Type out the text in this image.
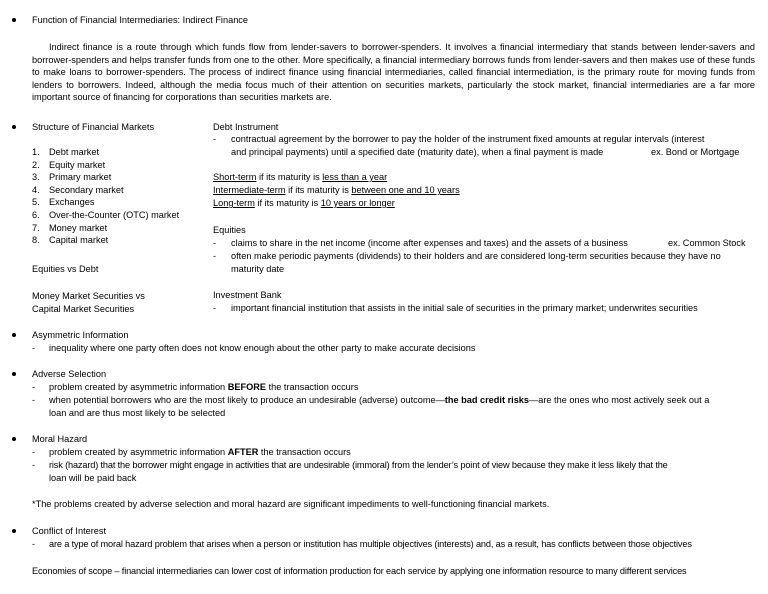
Function of Financial Intermediaries: Indirect Finance
Indirect finance is a route through which funds flow from lender-savers to borrower-spenders. It involves a financial intermediary that stands between lender-savers and borrower-spenders and helps transfer funds from one to the other. More specifically, a financial intermediary borrows funds from lender-savers and then makes use of these funds to make loans to borrower-spenders. The process of indirect finance using financial intermediaries, called financial intermediation, is the primary route for moving funds from lenders to borrowers. Indeed, although the media focus much of their attention on securities markets, particularly the stock market, financial intermediaries are a far more important source of financing for corporations than securities markets are.
Structure of Financial Markets
1. Debt market
2. Equity market
3. Primary market
4. Secondary market
5. Exchanges
6. Over-the-Counter (OTC) market
7. Money market
8. Capital market
Equities vs Debt
Money Market Securities vs
Capital Market Securities
Debt Instrument
- contractual agreement by the borrower to pay the holder of the instrument fixed amounts at regular intervals (interest
and principal payments) until a specified date (maturity date), when a final payment is made	ex. Bond or Mortgage
Short-term if its maturity is less than a year
Intermediate-term if its maturity is between one and 10 years
Long-term if its maturity is 10 years or longer
Equities
- claims to share in the net income (income after expenses and taxes) and the assets of a business	ex. Common Stock
- often make periodic payments (dividends) to their holders and are considered long-term securities because they have no
maturity date
Investment Bank
- important financial institution that assists in the initial sale of securities in the primary market; underwrites securities
Asymmetric Information
- inequality where one party often does not know enough about the other party to make accurate decisions
Adverse Selection
- problem created by asymmetric information BEFORE the transaction occurs
- when potential borrowers who are the most likely to produce an undesirable (adverse) outcome—the bad credit risks—are the ones who most actively seek out a
loan and are thus most likely to be selected
Moral Hazard
- problem created by asymmetric information AFTER the transaction occurs
- risk (hazard) that the borrower might engage in activities that are undesirable (immoral) from the lender’s point of view because they make it less likely that the
loan will be paid back
*The problems created by adverse selection and moral hazard are significant impediments to well-functioning financial markets.
Conflict of Interest
- are a type of moral hazard problem that arises when a person or institution has multiple objectives (interests) and, as a result, has conflicts between those objectives
Economies of scope – financial intermediaries can lower cost of information production for each service by applying one information resource to many different services
